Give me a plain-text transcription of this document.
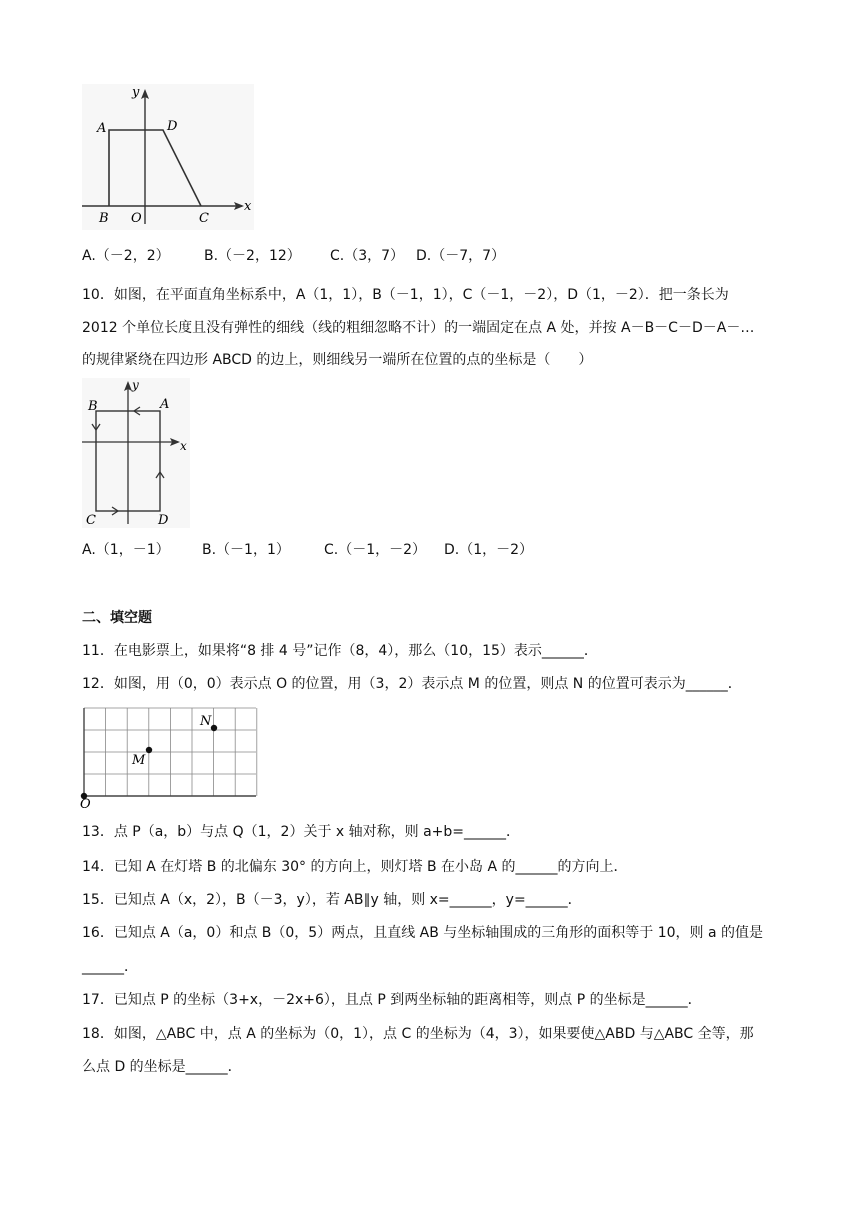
y
x
A	D
B O	C
A.（－2，2） B.（－2，12） C.（3，7） D.（－7，7）
10．如图，在平面直角坐标系中，A（1，1），B（－1，1），C（－1，－2），D（1，－2）．把一条长为
2012 个单位长度且没有弹性的细线（线的粗细忽略不计）的一端固定在点 A 处，并按 A－B－C－D－A－…
的规律紧绕在四边形 ABCD 的边上，则细线另一端所在位置的点的坐标是（　　）
y
x
B	A
C	D
A.（1，－1） B.（－1，1） C.（－1，－2） D.（1，－2）
二、填空题
11．在电影票上，如果将“8 排 4 号”记作（8，4），那么（10，15）表示______．
12．如图，用（0，0）表示点 O 的位置，用（3，2）表示点 M 的位置，则点 N 的位置可表示为______．
N
M
O
13．点 P（a，b）与点 Q（1，2）关于 x 轴对称，则 a+b=______．
14．已知 A 在灯塔 B 的北偏东 30° 的方向上，则灯塔 B 在小岛 A 的______的方向上．
15．已知点 A（x，2），B（－3，y），若 AB∥y 轴，则 x=______，y=______．
16．已知点 A（a，0）和点 B（0，5）两点，且直线 AB 与坐标轴围成的三角形的面积等于 10，则 a 的值是
______．
17．已知点 P 的坐标（3+x，－2x+6），且点 P 到两坐标轴的距离相等，则点 P 的坐标是______．
18．如图，△ABC 中，点 A 的坐标为（0，1），点 C 的坐标为（4，3），如果要使△ABD 与△ABC 全等，那
么点 D 的坐标是______．
